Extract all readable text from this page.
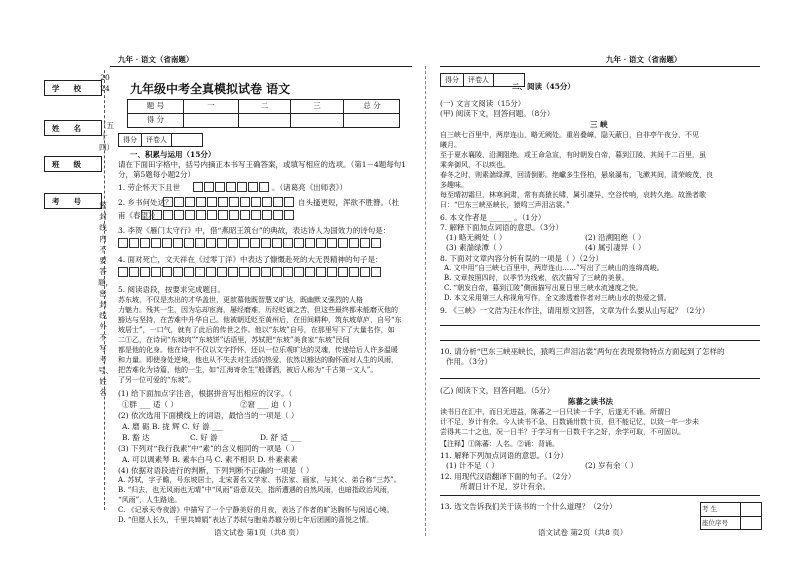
九年 · 语文（省南题）	九年 · 语文（省南题）
学校
姓名
班级
考号
2024
（五十四）
密封线内不要答题，密封线外不写考号、姓名
九年级中考全真模拟试卷 语文
题 号	一	二	三	总 分
得 分
得分	评卷人
一、积累与运用（15分）
请在下面田字格中，括号内摘正本书写王确答案，或填写相应的选项。（第1－4题每句1
分，第5题每小题2分）
1. 劳企怀天下且世	。（诸葛亮《出师表》）
2. 乡书何处达？	自头搔更短，浑欲不胜簪。（杜
甫《春望》）
3. 李贺《雁门太守行》中，借“燕昭王筑台”的典故，表达诗人为国效力的诗句是：
4. 面对死亡，文天祥在《过零丁洋》中表达了慷慨赴死的大无畏精神的句子是：
5. 阅读语段，按要求完成题目。
苏东坡，不仅是杰出的才华盖世，更歆慕他既智慧又旷达，既幽默又强烈的人格
力魅力。残其一生，因为忘却宦海，屡经磨难，历经贬谪之苦，但这些最终都未能磨灭他的
豁达与坚持，在苦难中升华自己。他被朝廷贬至黄州后，在田间耕种，筑东坡草庐，自号“东
坡居士”，一口气，就有了此后的传世之作。他以“东坡”自号，在那里写下了大量名作，如
二①乙，在诗词“东坡肉”“东坡饼”话语里，苏轼把“东坡”美食家“东坡”民间
都是他的化身。他在诗中不仅以文字抒怀，还以一位乐观旷达的灵魂，传递给后人许多温暖
和力量。即使身处逆境，他也从不失去对生活的热爱，依然以豁达的胸怀面对人生的风雨，
把苦难化为诗篇，他的一生，如“江海寄余生”般潇洒，被后人称为“千古第一文人”。
了另一位可爱的“东坡”。
(1) 给下面加点字注音，根据拼音写出相应的汉字。（
①胖 ___ 适（ ）	②窘 ___ 迫（ ）
(2) 依次选用下面横线上的词语，最恰当的一项是（ ）
A. 磨 砺 B. 拢 辉 C. 好 游 ___
B. 豁 达	C. 好 游	D. 舒 适 ___
(3) 下列对“我行我素”中“素”的含义相同的一项是（ ）
A. 可以调素琴 B. 素车白马 C. 素不相识 D. 朴素素素
(4) 依据对语段进行的判断，下列判断不正确的一项是（ ）
A. 苏轼，字子瞻，号东坡居士，北宋著名文学家、书法家、画家，与其父、弟合称“三苏”。
B. “归去，也无风雨也无晴”中“风雨”语意双关，指所遭遇的自然风雨，也暗指政治风雨，
“风雨”，人生路途。
C. 《记承天寺夜游》中描写了一个宁静美好的月夜，表达了作者的旷达胸怀与闲适心境。
D. “但愿人长久，千里共婵娟”表达了苏轼与胞弟苏辙分别七年后团圆的喜悦之情。
语文试卷 第1页（共8 页）
得分	评卷人
二、阅读（45分）
(一) 文言文阅读（15分）
(甲) 阅读下文，回答问题。（8分）
三 峡
自三峡七百里中，两岸连山，略无阙处。重岩叠嶂，隐天蔽日，自非亭午夜分，不见
曦月。
至于夏水襄陵，沿溯阻绝。或王命急宣，有时朝发白帝，暮到江陵，其间千二百里，虽
乘奔御风，不以疾也。
春冬之时，则素湍绿潭，回清倒影。绝巘多生怪柏，悬泉瀑布，飞漱其间，清荣峻茂，良
多趣味。
每至晴初霜旦，林寒涧肃，常有高猿长啸，属引凄异，空谷传响，哀转久绝。故渔者歌
曰：“巴东三峡巫峡长，猿鸣三声泪沾裳。”
6. 本文作者是 ______ 。（1分）
7. 解释下面加点词语的意思。（3分）
(1) 略无阙处（ ）	(2) 沿溯阻绝（ ）
(3) 素湍绿潭（ ）	(4) 属引凄异（ ）
8. 下面对文章内容分析有误的一项是（ ）（2分）
A. 文中用“自三峡七百里中，两岸连山……”写出了三峡山的连绵高峻。
B. 文章按照四时，以季节为线索，依次描写了三峡的美景。
C. “朝发白帝，暮到江陵”侧面描写出夏日里三峡水流速度之快。
D. 本文采用第三人称视角写作，全文渗透着作者对三峡山水的热爱之情。
9. 《三峡》一文浩为汪水作注，请用原文回答，文章为什么要从山写起？（2分）
10. 请分析“巴东三峡巫峡长，猿鸣三声泪沾裳”两句在表现景物特点方面起到了怎样的
作用。（3分）
(乙) 阅读下文，回答问题。（5分）
陈蕃之读书法
读书日在汇中，而日无进益，陈蕃之一日只读一千字，后遂无不诵。所谓日
计不足，岁计有余。今人读书不急，日数诵卅数十页，但不能记忆，以致一年一步未
尝得其二十之也，况一日半？于学习有一日数千字之好，余学可取，不可固以。
【注释】①陈蕃：人名。②诵：背诵。
11. 解释下列加点词语的意思。（1分）
(1) 计不足（ ）	(2) 岁有余（ ）
12. 用现代汉语翻译下面的句子。（2分）
所谓日计不足，岁计有余。
13. 选文告诉我们关于读书的一个什么道理？（2分）	考 生
座位序号
语文试卷 第2页（共8 页）
